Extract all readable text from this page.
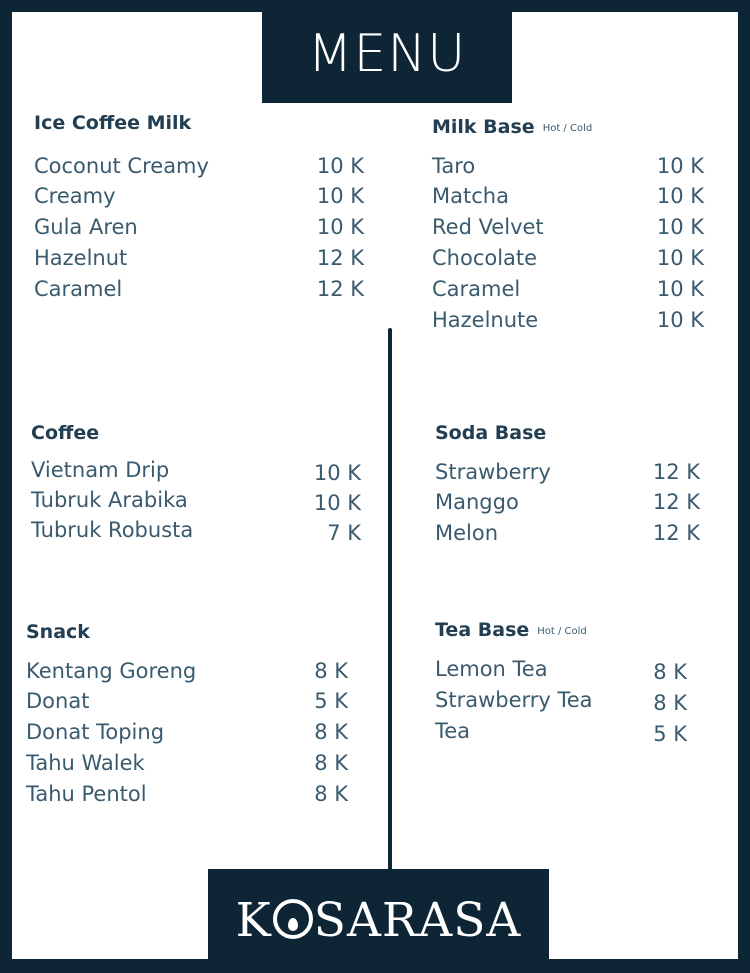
MENU
Ice Coffee Milk
Coconut Creamy	10 K
Creamy	10 K
Gula Aren	10 K
Hazelnut	12 K
Caramel	12 K
Milk Base Hot / Cold
Taro	10 K
Matcha	10 K
Red Velvet	10 K
Chocolate	10 K
Caramel	10 K
Hazelnute	10 K
Coffee
Vietnam Drip	10 K
Tubruk Arabika	10 K
Tubruk Robusta	7 K
Soda Base
Strawberry	12 K
Manggo	12 K
Melon	12 K
Snack
Kentang Goreng	8 K
Donat	5 K
Donat Toping	8 K
Tahu Walek	8 K
Tahu Pentol	8 K
Tea Base Hot / Cold
Lemon Tea	8 K
Strawberry Tea	8 K
Tea	5 K
K SARASA
